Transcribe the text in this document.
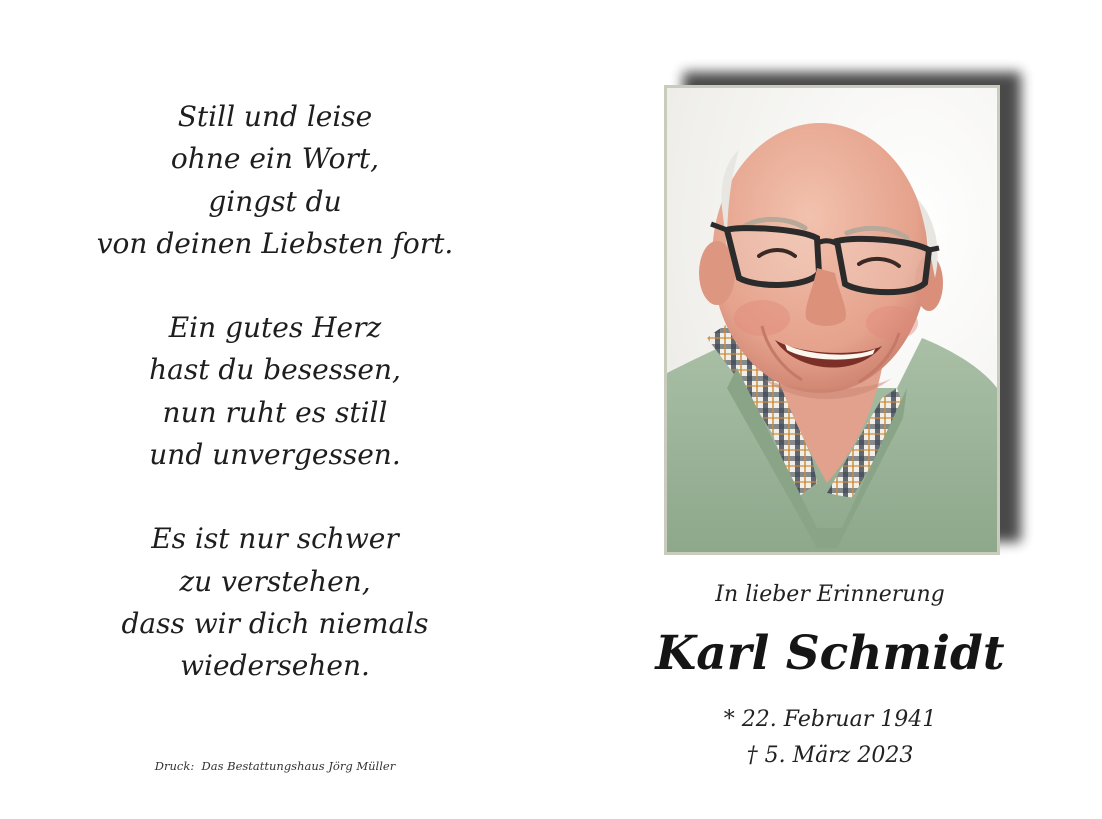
Still und leise
ohne ein Wort,
gingst du
von deinen Liebsten fort.

Ein gutes Herz
hast du besessen,
nun ruht es still
und unvergessen.

Es ist nur schwer
zu verstehen,
dass wir dich niemals
wiedersehen.

Druck:  Das Bestattungshaus Jörg Müller
In lieber Erinnerung
Karl Schmidt
* 22. Februar 1941
† 5. März 2023
